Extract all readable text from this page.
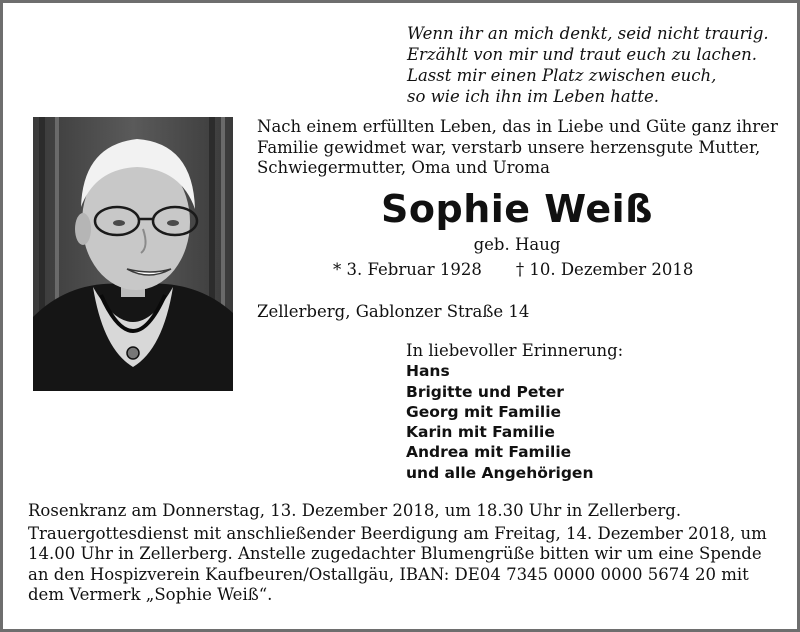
Wenn ihr an mich denkt, seid nicht traurig.
Erzählt von mir und traut euch zu lachen.
Lasst mir einen Platz zwischen euch,
so wie ich ihn im Leben hatte.
Nach einem erfüllten Leben, das in Liebe und Güte ganz ihrer
Familie gewidmet war, verstarb unsere herzensgute Mutter,
Schwiegermutter, Oma und Uroma
Sophie Weiß
geb. Haug
* 3. Februar 1928 † 10. Dezember 2018
Zellerberg, Gablonzer Straße 14
In liebevoller Erinnerung:
Hans
Brigitte und Peter
Georg mit Familie
Karin mit Familie
Andrea mit Familie
und alle Angehörigen
Rosenkranz am Donnerstag, 13. Dezember 2018, um 18.30 Uhr in Zellerberg.
Trauergottesdienst mit anschließender Beerdigung am Freitag, 14. Dezember 2018, um
14.00 Uhr in Zellerberg. Anstelle zugedachter Blumengrüße bitten wir um eine Spende
an den Hospizverein Kaufbeuren/Ostallgäu, IBAN: DE04 7345 0000 0000 5674 20 mit
dem Vermerk „Sophie Weiß“.
